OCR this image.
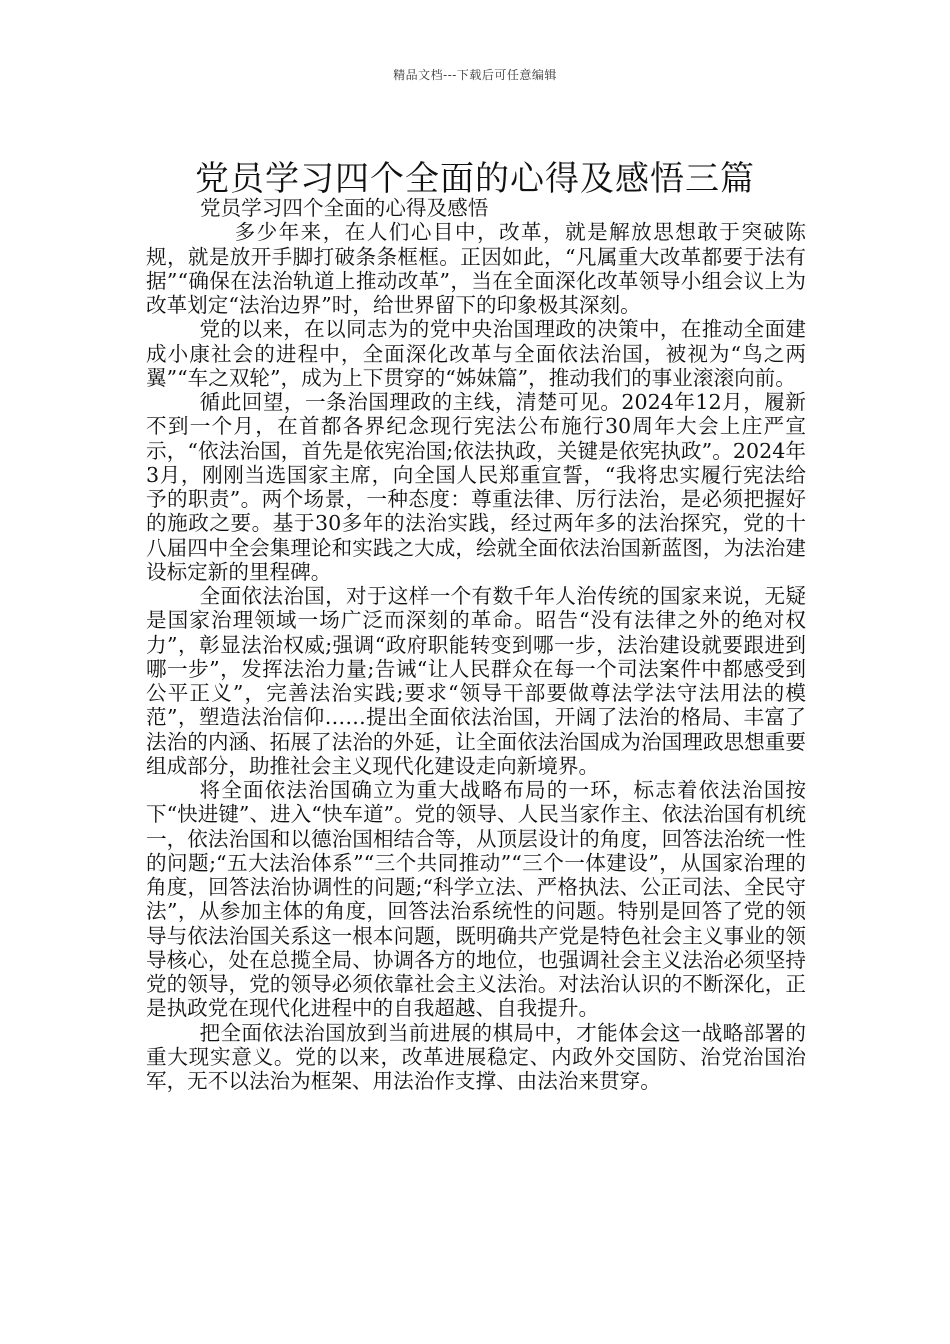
精品文档---下载后可任意编辑
党员学习四个全面的心得及感悟三篇

党员学习四个全面的心得及感悟

多少年来，在人们心目中，改革，就是解放思想敢于突破陈规，就是放开手脚打破条条框框。正因如此，“凡属重大改革都要于法有据”“确保在法治轨道上推动改革”，当在全面深化改革领导小组会议上为改革划定“法治边界”时，给世界留下的印象极其深刻。

党的以来，在以同志为的党中央治国理政的决策中，在推动全面建成小康社会的进程中，全面深化改革与全面依法治国，被视为“鸟之两翼”“车之双轮”，成为上下贯穿的“姊妹篇”，推动我们的事业滚滚向前。

循此回望，一条治国理政的主线，清楚可见。2024年12月，履新不到一个月，在首都各界纪念现行宪法公布施行30周年大会上庄严宣示，“依法治国，首先是依宪治国;依法执政，关键是依宪执政”。2024年3月，刚刚当选国家主席，向全国人民郑重宣誓，“我将忠实履行宪法给予的职责”。两个场景，一种态度：尊重法律、厉行法治，是必须把握好的施政之要。基于30多年的法治实践，经过两年多的法治探究，党的十八届四中全会集理论和实践之大成，绘就全面依法治国新蓝图，为法治建设标定新的里程碑。

全面依法治国，对于这样一个有数千年人治传统的国家来说，无疑是国家治理领域一场广泛而深刻的革命。昭告“没有法律之外的绝对权力”，彰显法治权威;强调“政府职能转变到哪一步，法治建设就要跟进到哪一步”，发挥法治力量;告诫“让人民群众在每一个司法案件中都感受到公平正义”，完善法治实践;要求“领导干部要做尊法学法守法用法的模范”，塑造法治信仰……提出全面依法治国，开阔了法治的格局、丰富了法治的内涵、拓展了法治的外延，让全面依法治国成为治国理政思想重要组成部分，助推社会主义现代化建设走向新境界。

将全面依法治国确立为重大战略布局的一环，标志着依法治国按下“快进键”、进入“快车道”。党的领导、人民当家作主、依法治国有机统一，依法治国和以德治国相结合等，从顶层设计的角度，回答法治统一性的问题;“五大法治体系”“三个共同推动”“三个一体建设”，从国家治理的角度，回答法治协调性的问题;“科学立法、严格执法、公正司法、全民守法”，从参加主体的角度，回答法治系统性的问题。特别是回答了党的领导与依法治国关系这一根本问题，既明确共产党是特色社会主义事业的领导核心，处在总揽全局、协调各方的地位，也强调社会主义法治必须坚持党的领导，党的领导必须依靠社会主义法治。对法治认识的不断深化，正是执政党在现代化进程中的自我超越、自我提升。

把全面依法治国放到当前进展的棋局中，才能体会这一战略部署的重大现实意义。党的以来，改革进展稳定、内政外交国防、治党治国治军，无不以法治为框架、用法治作支撑、由法治来贯穿。
